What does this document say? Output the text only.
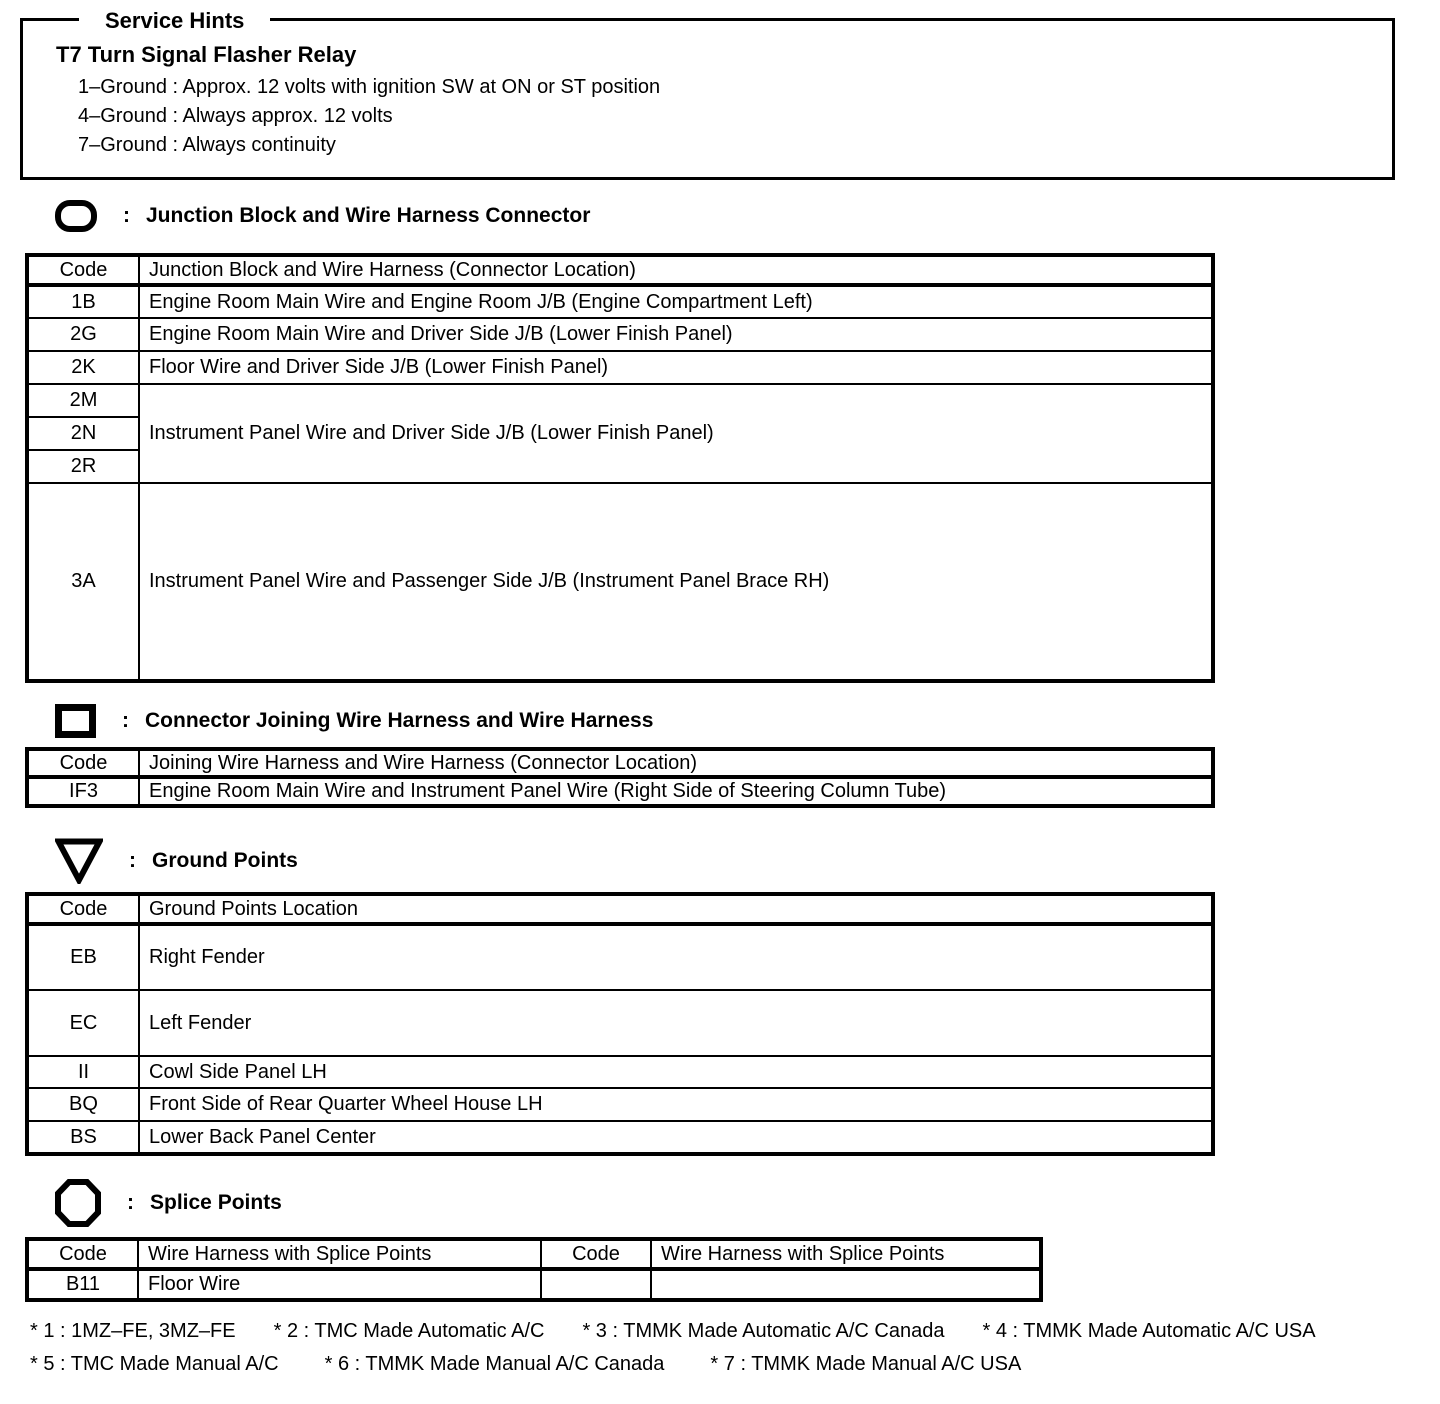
Service Hints
T7 Turn Signal Flasher Relay
1–Ground : Approx. 12 volts with ignition SW at ON or ST position
4–Ground : Always approx. 12 volts
7–Ground : Always continuity
: Junction Block and Wire Harness Connector
Code	Junction Block and Wire Harness (Connector Location)
1B	Engine Room Main Wire and Engine Room J/B (Engine Compartment Left)
2G	Engine Room Main Wire and Driver Side J/B (Lower Finish Panel)
2K	Floor Wire and Driver Side J/B (Lower Finish Panel)
2M	Instrument Panel Wire and Driver Side J/B (Lower Finish Panel)
2N	
2R	
3A	Instrument Panel Wire and Passenger Side J/B (Instrument Panel Brace RH)
: Connector Joining Wire Harness and Wire Harness
Code	Joining Wire Harness and Wire Harness (Connector Location)
IF3	Engine Room Main Wire and Instrument Panel Wire (Right Side of Steering Column Tube)
: Ground Points
Code	Ground Points Location
EB	Right Fender
EC	Left Fender
II	Cowl Side Panel LH
BQ	Front Side of Rear Quarter Wheel House LH
BS	Lower Back Panel Center
: Splice Points
Code	Wire Harness with Splice Points	Code	Wire Harness with Splice Points
B11	Floor Wire		
* 1 : 1MZ–FE, 3MZ–FE * 2 : TMC Made Automatic A/C * 3 : TMMK Made Automatic A/C Canada * 4 : TMMK Made Automatic A/C USA
* 5 : TMC Made Manual A/C * 6 : TMMK Made Manual A/C Canada * 7 : TMMK Made Manual A/C USA
